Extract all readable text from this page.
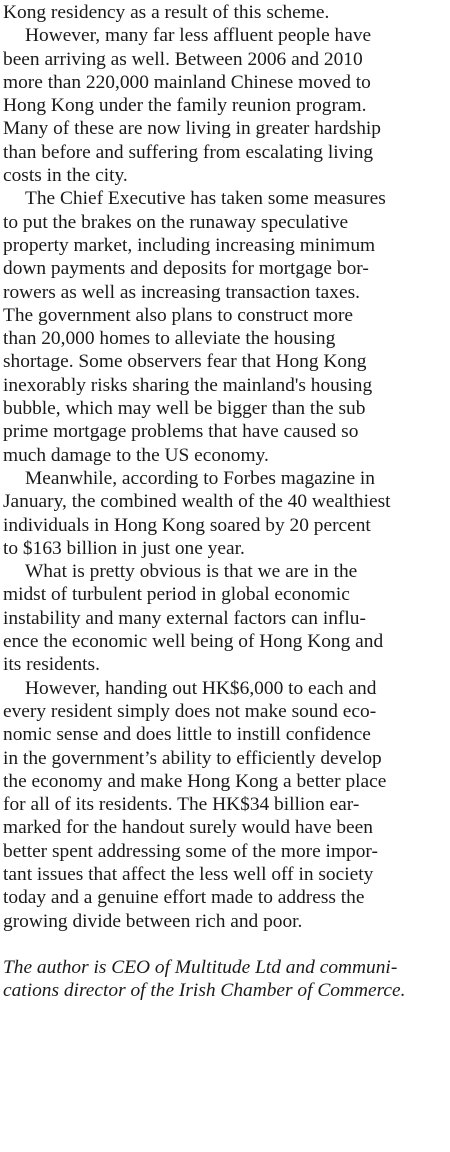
Kong residency as a result of this scheme.
However, many far less affluent people have
been arriving as well. Between 2006 and 2010
more than 220,000 mainland Chinese moved to
Hong Kong under the family reunion program.
Many of these are now living in greater hardship
than before and suffering from escalating living
costs in the city.
The Chief Executive has taken some measures
to put the brakes on the runaway speculative
property market, including increasing minimum
down payments and deposits for mortgage bor-
rowers as well as increasing transaction taxes.
The government also plans to construct more
than 20,000 homes to alleviate the housing
shortage. Some observers fear that Hong Kong
inexorably risks sharing the mainland's housing
bubble, which may well be bigger than the sub
prime mortgage problems that have caused so
much damage to the US economy.
Meanwhile, according to Forbes magazine in
January, the combined wealth of the 40 wealthiest
individuals in Hong Kong soared by 20 percent
to $163 billion in just one year.
What is pretty obvious is that we are in the
midst of turbulent period in global economic
instability and many external factors can influ-
ence the economic well being of Hong Kong and
its residents.
However, handing out HK$6,000 to each and
every resident simply does not make sound eco-
nomic sense and does little to instill confidence
in the government’s ability to efficiently develop
the economy and make Hong Kong a better place
for all of its residents. The HK$34 billion ear-
marked for the handout surely would have been
better spent addressing some of the more impor-
tant issues that affect the less well off in society
today and a genuine effort made to address the
growing divide between rich and poor.
The author is CEO of Multitude Ltd and communi-
cations director of the Irish Chamber of Commerce.
